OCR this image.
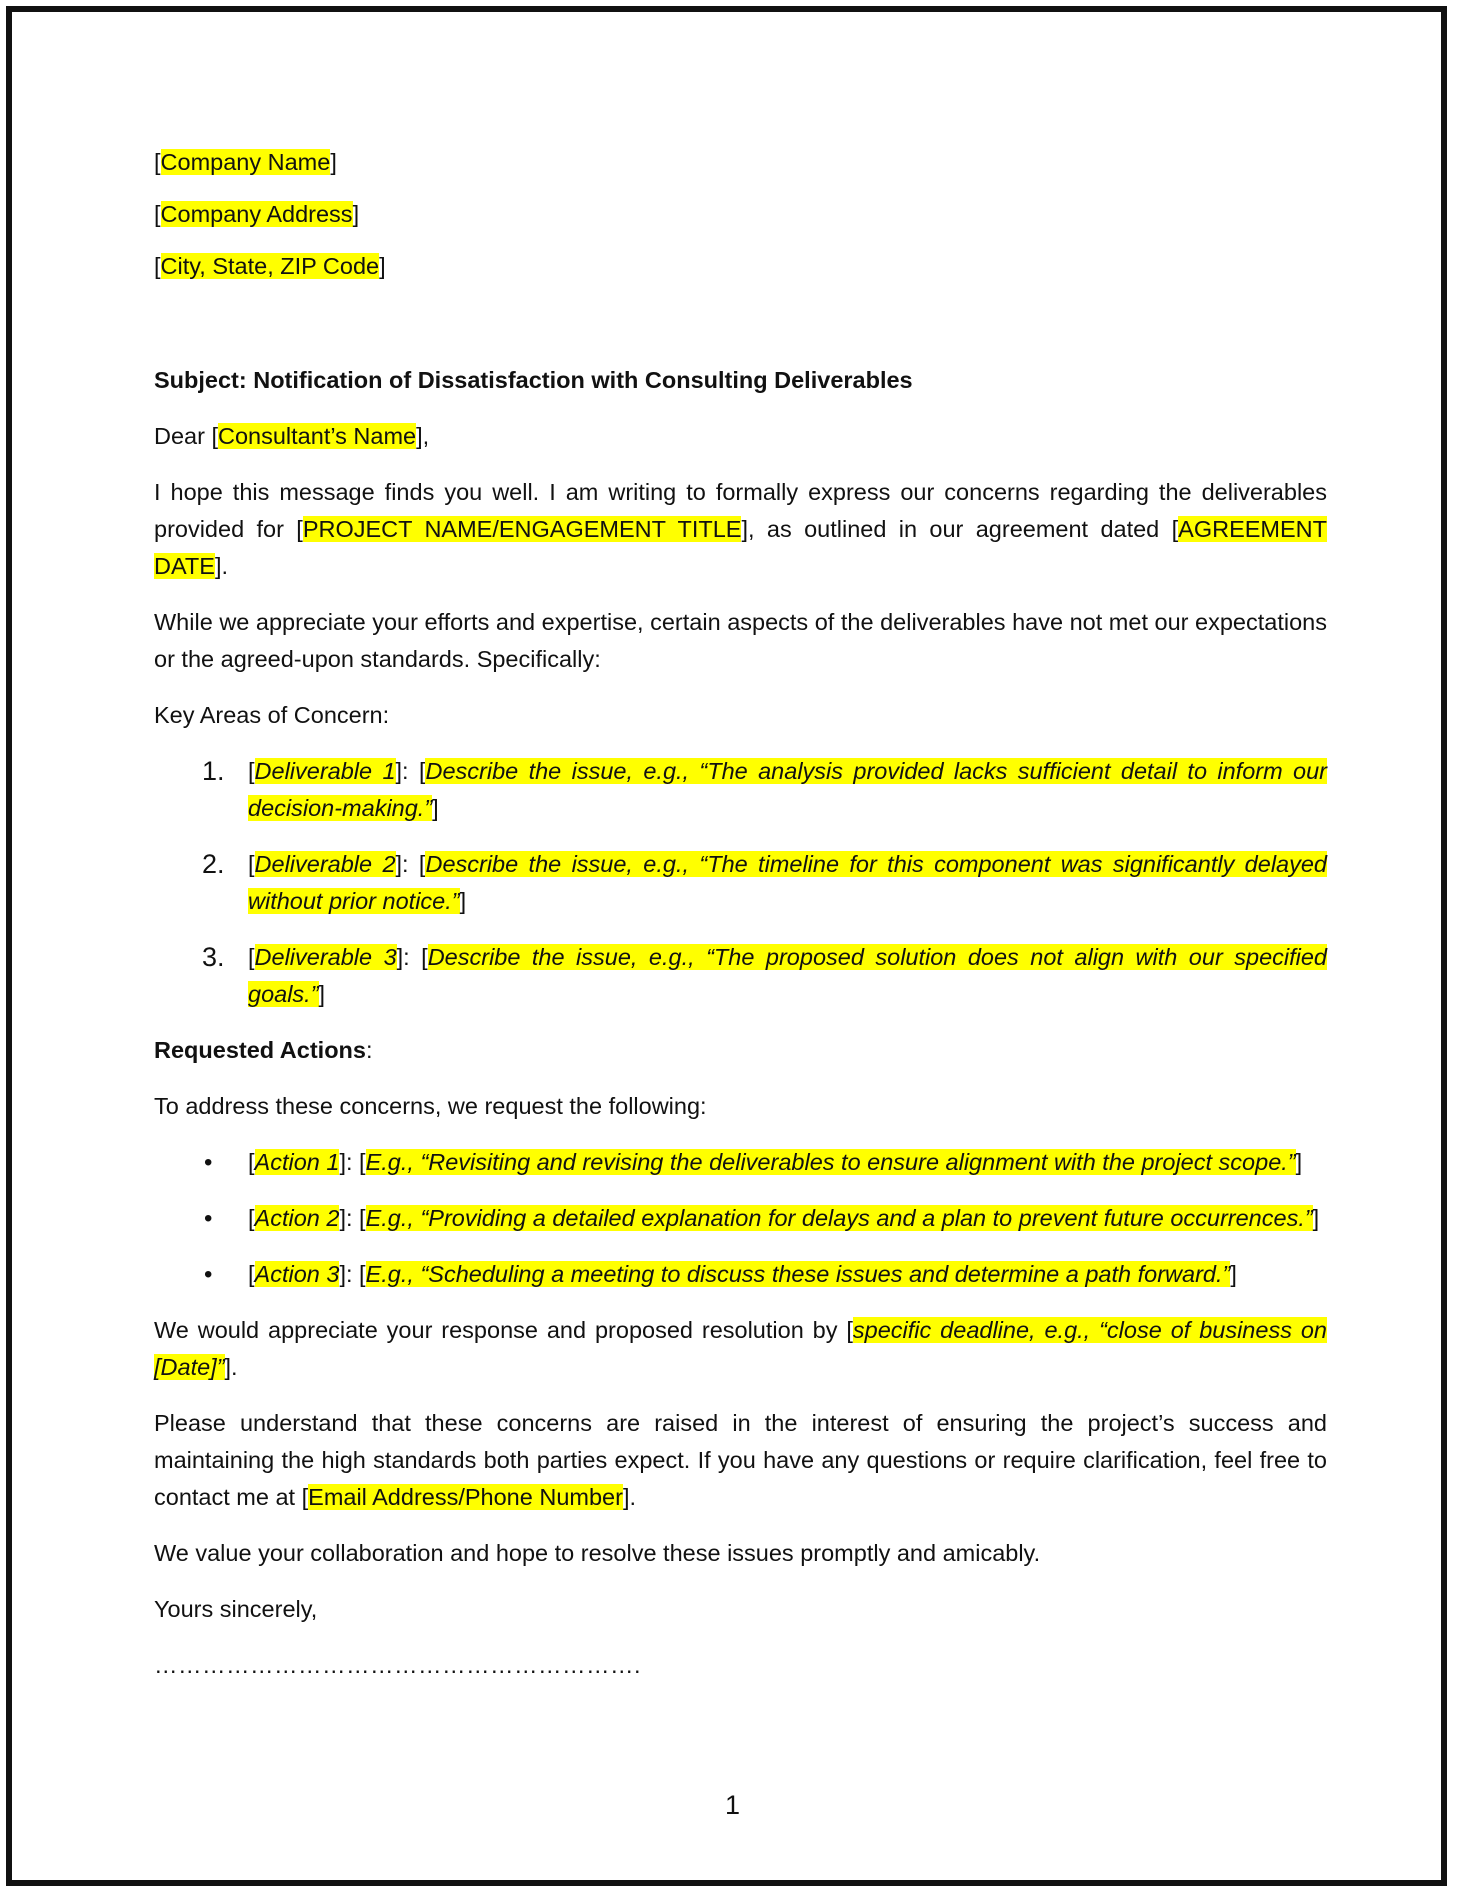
[Company Name]
[Company Address]
[City, State, ZIP Code]

Subject: Notification of Dissatisfaction with Consulting Deliverables

Dear [Consultant’s Name],

I hope this message finds you well. I am writing to formally express our concerns regarding the deliverables provided for [PROJECT NAME/ENGAGEMENT TITLE], as outlined in our agreement dated [AGREEMENT DATE].

While we appreciate your efforts and expertise, certain aspects of the deliverables have not met our expectations or the agreed-upon standards. Specifically:

Key Areas of Concern:

1. [Deliverable 1]: [Describe the issue, e.g., “The analysis provided lacks sufficient detail to inform our decision-making.”]
2. [Deliverable 2]: [Describe the issue, e.g., “The timeline for this component was significantly delayed without prior notice.”]
3. [Deliverable 3]: [Describe the issue, e.g., “The proposed solution does not align with our specified goals.”]

Requested Actions:

To address these concerns, we request the following:

• [Action 1]: [E.g., “Revisiting and revising the deliverables to ensure alignment with the project scope.”]
• [Action 2]: [E.g., “Providing a detailed explanation for delays and a plan to prevent future occurrences.”]
• [Action 3]: [E.g., “Scheduling a meeting to discuss these issues and determine a path forward.”]

We would appreciate your response and proposed resolution by [specific deadline, e.g., “close of business on [Date]”].

Please understand that these concerns are raised in the interest of ensuring the project’s success and maintaining the high standards both parties expect. If you have any questions or require clarification, feel free to contact me at [Email Address/Phone Number].

We value your collaboration and hope to resolve these issues promptly and amicably.

Yours sincerely,

…………………………………………………….
1
